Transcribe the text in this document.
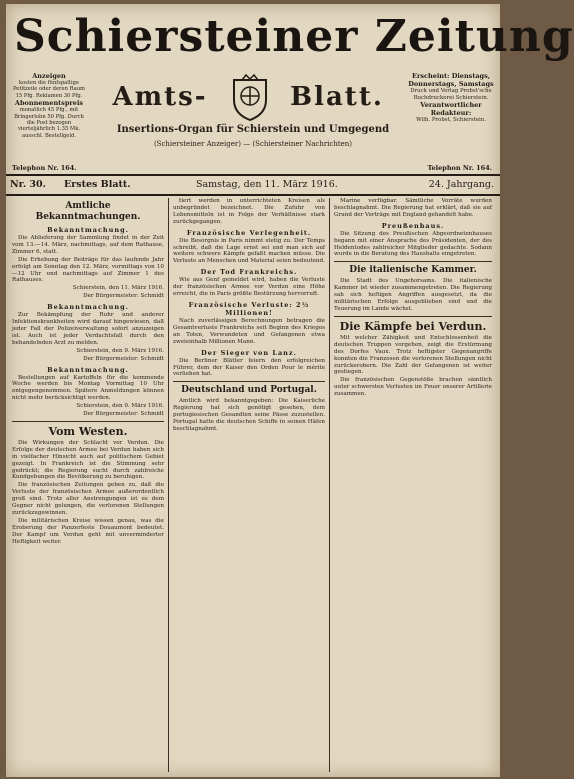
Schiersteiner Zeitung
Anzeigen
kosten die fünfspaltige Petitzeile oder deren Raum 15 Pfg. Reklamen 30 Pfg.
Abonnementspreis
monatlich 45 Pfg., mit Bringerlohn 50 Pfg. Durch die Post bezogen vierteljährlich 1.35 Mk. ausschl. Bestellgeld.
Amts-	Blatt.
Insertions-Organ für Schierstein und Umgegend
(Schiersteiner Anzeiger) — (Schiersteiner Nachrichten)
Erscheint: Dienstags, Donnerstags, Samstags
Druck und Verlag Probst'sche Buchdruckerei Schierstein.
Verantwortlicher Redakteur:
Wilh. Probst, Schierstein.
Telephon Nr. 164.	Telephon Nr. 164.
Nr. 30. Erstes Blatt.	Samstag, den 11. März 1916.	24. Jahrgang.
Amtliche Bekanntmachungen.
Bekanntmachung.

Die Ablieferung der Sammlung findet in der Zeit vom 13.—14. März, nachmittags, auf dem Rathause, Zimmer 6, statt.

Die Erhebung der Beiträge für das laufende Jahr erfolgt am Sonntag den 12. März, vormittags von 10—12 Uhr und nachmittags auf Zimmer 1 des Rathauses.

Schierstein, den 11. März 1916.

Der Bürgermeister: Schmidt

Bekanntmachung.

Zur Bekämpfung der Ruhr und anderer Infektionskrankheiten wird darauf hingewiesen, daß jeder Fall der Polizeiverwaltung sofort anzuzeigen ist. Auch ist jeder Verdachtsfall durch den behandelnden Arzt zu melden.

Schierstein, den 9. März 1916.

Der Bürgermeister: Schmidt

Bekanntmachung.

Bestellungen auf Kartoffeln für die kommende Woche werden bis Montag Vormittag 10 Uhr entgegengenommen. Spätere Anmeldungen können nicht mehr berücksichtigt werden.

Schierstein, den 9. März 1916.

Der Bürgermeister: Schmidt

Vom Westen.

Die Wirkungen der Schlacht vor Verdun. Die Erfolge der deutschen Armee bei Verdun haben sich in vielfacher Hinsicht auch auf politischem Gebiet gezeigt. In Frankreich ist die Stimmung sehr gedrückt; die Regierung sucht durch zahlreiche Kundgebungen die Bevölkerung zu beruhigen.

Die französischen Zeitungen geben zu, daß die Verluste der französischen Armee außerordentlich groß sind. Trotz aller Anstrengungen ist es dem Gegner nicht gelungen, die verlorenen Stellungen zurückzugewinnen.

Die militärischen Kreise wissen genau, was die Eroberung der Panzerfeste Douaumont bedeutet. Der Kampf um Verdun geht mit unverminderter Heftigkeit weiter.

tiert werden in unterrichteten Kreisen als unbegründet bezeichnet. Die Zufuhr von Lebensmitteln ist in Folge der Verhältnisse stark zurückgegangen.

Französische Verlegenheit.

Die Besorgnis in Paris nimmt stetig zu. Der Temps schreibt, daß die Lage ernst sei und man sich auf weitere schwere Kämpfe gefaßt machen müsse. Die Verluste an Menschen und Material seien bedeutend.

Der Tod Frankreichs.

Wie aus Genf gemeldet wird, haben die Verluste der französischen Armee vor Verdun eine Höhe erreicht, die in Paris größte Bestürzung hervorruft.

Französische Verluste: 2½ Millionen!

Nach zuverlässigen Berechnungen betragen die Gesamtverluste Frankreichs seit Beginn des Krieges an Toten, Verwundeten und Gefangenen etwa zweieinhalb Millionen Mann.

Der Sieger von Lanz.

Die Berliner Blätter feiern den erfolgreichen Führer, dem der Kaiser den Orden Pour le mérite verliehen hat.

Deutschland und Portugal.

Amtlich wird bekanntgegeben: Die Kaiserliche Regierung hat sich genötigt gesehen, dem portugiesischen Gesandten seine Pässe zuzustellen. Portugal hatte die deutschen Schiffe in seinen Häfen beschlagnahmt.

Marine verfügbar. Sämtliche Vorräte wurden beschlagnahmt. Die Regierung hat erklärt, daß sie auf Grund der Verträge mit England gehandelt habe.

Preußenhaus.

Die Sitzung des Preußischen Abgeordnetenhauses begann mit einer Ansprache des Präsidenten, der des Heldentodes zahlreicher Mitglieder gedachte. Sodann wurde in die Beratung des Haushalts eingetreten.

Die italienische Kammer.

Die Stadt des Ungehorsams. Die italienische Kammer ist wieder zusammengetreten. Die Regierung sah sich heftigen Angriffen ausgesetzt, da die militärischen Erfolge ausgeblieben sind und die Teuerung im Lande wächst.

Die Kämpfe bei Verdun.

Mit welcher Zähigkeit und Entschlossenheit die deutschen Truppen vorgehen, zeigt die Erstürmung des Dorfes Vaux. Trotz heftigster Gegenangriffe konnten die Franzosen die verlorenen Stellungen nicht zurückerobern. Die Zahl der Gefangenen ist weiter gestiegen.

Die französischen Gegenstöße brachen sämtlich unter schwersten Verlusten im Feuer unserer Artillerie zusammen.
